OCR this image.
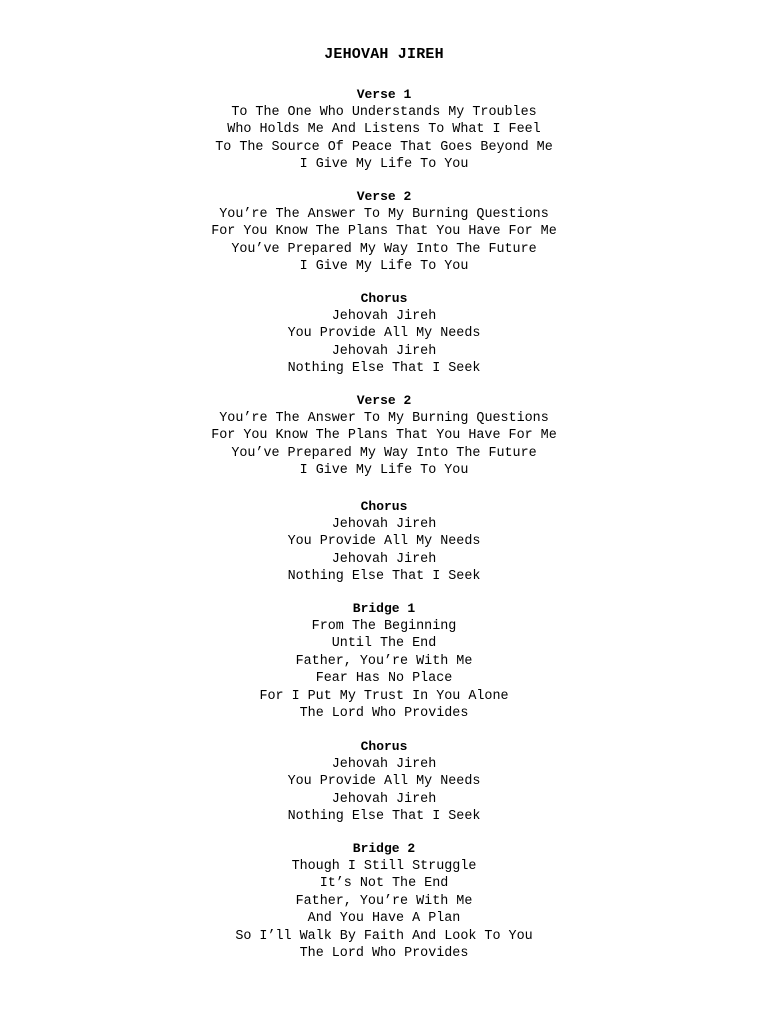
JEHOVAH JIREH
Verse 1
To The One Who Understands My Troubles
Who Holds Me And Listens To What I Feel
To The Source Of Peace That Goes Beyond Me
I Give My Life To You
Verse 2
You’re The Answer To My Burning Questions
For You Know The Plans That You Have For Me
You’ve Prepared My Way Into The Future
I Give My Life To You
Chorus
Jehovah Jireh
You Provide All My Needs
Jehovah Jireh
Nothing Else That I Seek
Verse 2
You’re The Answer To My Burning Questions
For You Know The Plans That You Have For Me
You’ve Prepared My Way Into The Future
I Give My Life To You
Chorus
Jehovah Jireh
You Provide All My Needs
Jehovah Jireh
Nothing Else That I Seek
Bridge 1
From The Beginning
Until The End
Father, You’re With Me
Fear Has No Place
For I Put My Trust In You Alone
The Lord Who Provides
Chorus
Jehovah Jireh
You Provide All My Needs
Jehovah Jireh
Nothing Else That I Seek
Bridge 2
Though I Still Struggle
It’s Not The End
Father, You’re With Me
And You Have A Plan
So I’ll Walk By Faith And Look To You
The Lord Who Provides
